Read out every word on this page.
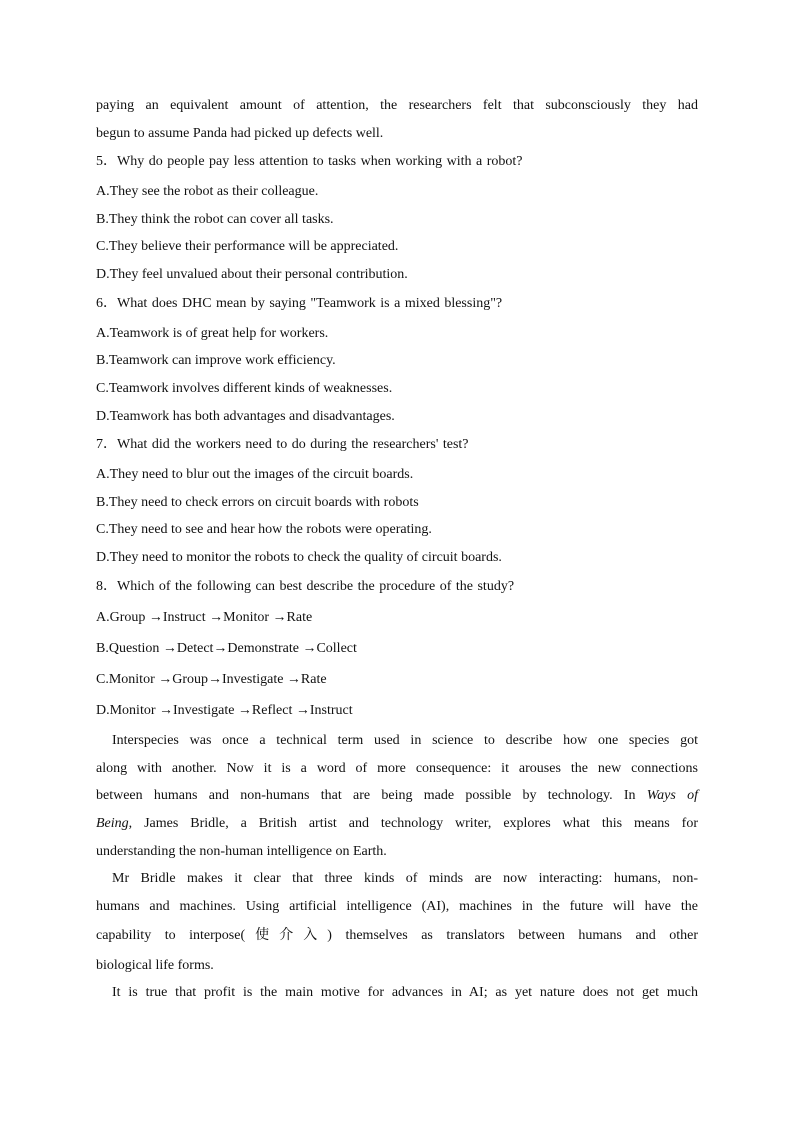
paying an equivalent amount of attention, the researchers felt that subconsciously they had
begun to assume Panda had picked up defects well.
5．Why do people pay less attention to tasks when working with a robot?
A.They see the robot as their colleague.
B.They think the robot can cover all tasks.
C.They believe their performance will be appreciated.
D.They feel unvalued about their personal contribution.
6．What does DHC mean by saying "Teamwork is a mixed blessing"?
A.Teamwork is of great help for workers.
B.Teamwork can improve work efficiency.
C.Teamwork involves different kinds of weaknesses.
D.Teamwork has both advantages and disadvantages.
7．What did the workers need to do during the researchers' test?
A.They need to blur out the images of the circuit boards.
B.They need to check errors on circuit boards with robots
C.They need to see and hear how the robots were operating.
D.They need to monitor the robots to check the quality of circuit boards.
8．Which of the following can best describe the procedure of the study?
A.Group →Instruct →Monitor →Rate
B.Question →Detect→Demonstrate →Collect
C.Monitor →Group→Investigate →Rate
D.Monitor →Investigate →Reflect →Instruct
Interspecies was once a technical term used in science to describe how one species got
along with another. Now it is a word of more consequence: it arouses the new connections
between humans and non-humans that are being made possible by technology. In Ways of
Being, James Bridle, a British artist and technology writer, explores what this means for
understanding the non-human intelligence on Earth.
Mr Bridle makes it clear that three kinds of minds are now interacting: humans, non-
humans and machines. Using artificial intelligence (AI), machines in the future will have the
capability to interpose(使介入) themselves as translators between humans and other
biological life forms.
It is true that profit is the main motive for advances in AI; as yet nature does not get much
